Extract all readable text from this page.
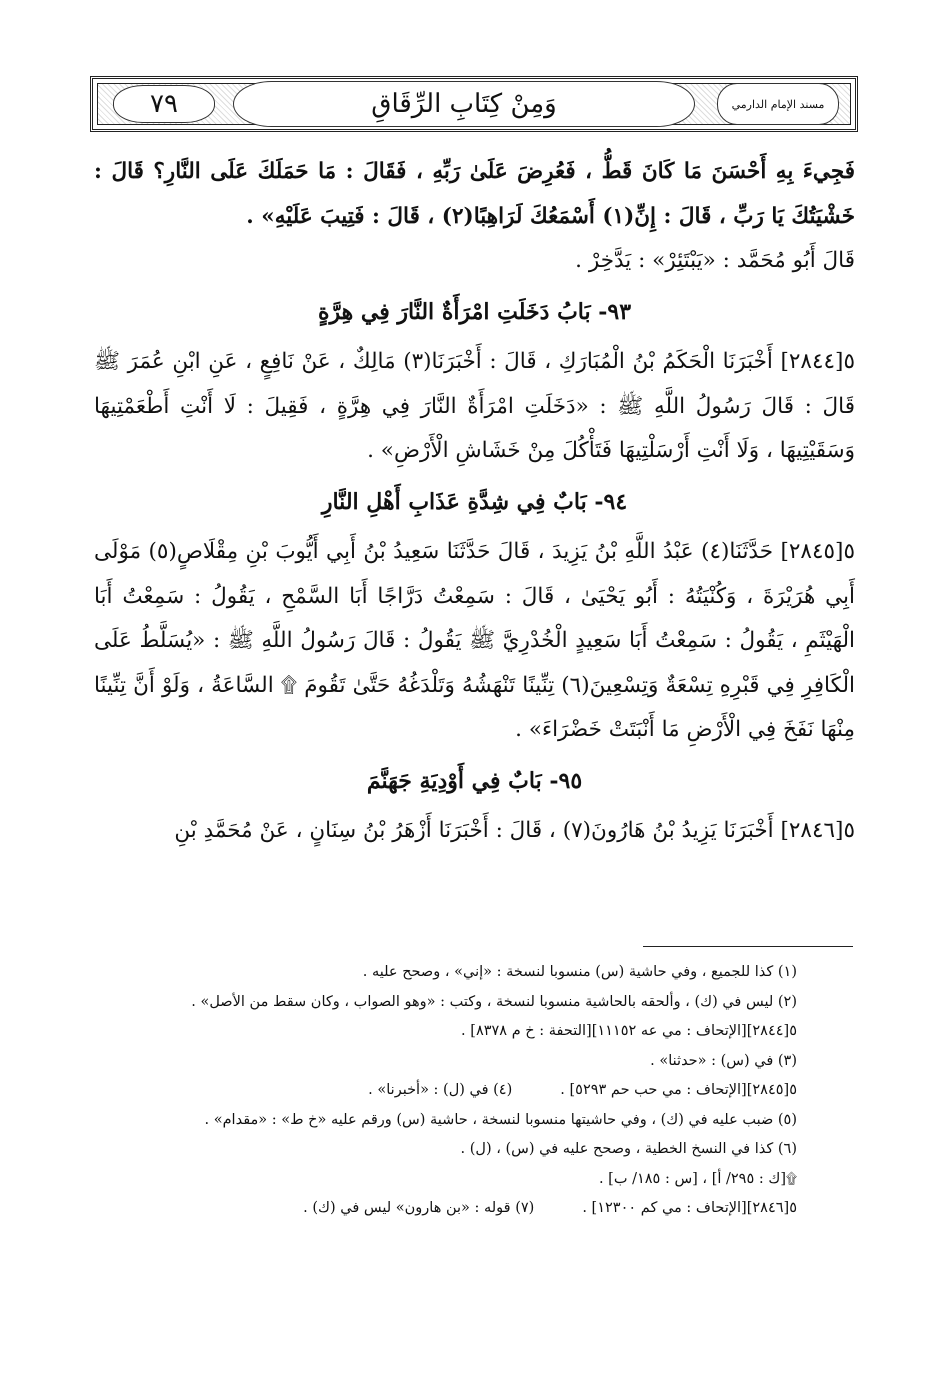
٧٩	وَمِنْ كِتَابِ الرِّقَاقِ	مسند الإمام الدارمي

فَجِيءَ بِهِ أَحْسَنَ مَا كَانَ قَطُّ ، فَعُرِضَ عَلَىٰ رَبِّهِ ، فَقَالَ : مَا حَمَلَكَ عَلَى النَّارِ؟ قَالَ : خَشْيَتُكَ يَا رَبِّ ، قَالَ : إِنِّ(١) أَسْمَعُكَ لَرَاهِبًا(٢) ، قَالَ : فَتِيبَ عَلَيْهِ» .

قَالَ أَبُو مُحَمَّد : «يَبْتَئِرْ» : يَدَّخِرْ .

٩٣- بَابُ دَخَلَتِ امْرَأَةٌ النَّارَ فِي هِرَّةٍ

٥[٢٨٤٤] أَخْبَرَنَا الْحَكَمُ بْنُ الْمُبَارَكِ ، قَالَ : أَخْبَرَنَا(٣) مَالِكٌ ، عَنْ نَافِعٍ ، عَنِ ابْنِ عُمَرَ ﷺ قَالَ : قَالَ رَسُولُ اللَّهِ ﷺ : «دَخَلَتِ امْرَأَةٌ النَّارَ فِي هِرَّةٍ ، فَقِيلَ : لَا أَنْتِ أَطْعَمْتِيهَا وَسَقَيْتِيهَا ، وَلَا أَنْتِ أَرْسَلْتِيهَا فَتَأْكُلَ مِنْ خَشَاشِ الْأَرْضِ» .

٩٤- بَابٌ فِي شِدَّةِ عَذَابِ أَهْلِ النَّارِ

٥[٢٨٤٥] حَدَّثَنَا(٤) عَبْدُ اللَّهِ بْنُ يَزِيدَ ، قَالَ حَدَّثَنَا سَعِيدُ بْنُ أَبِي أَيُّوبَ بْنِ مِقْلَاصٍ(٥) مَوْلَى أَبِي هُرَيْرَةَ ، وَكُنْيَتُهُ : أَبُو يَحْيَىٰ ، قَالَ : سَمِعْتُ دَرَّاجًا أَبَا السَّمْحِ ، يَقُولُ : سَمِعْتُ أَبَا الْهَيْثَمِ ، يَقُولُ : سَمِعْتُ أَبَا سَعِيدٍ الْخُدْرِيَّ ﷺ يَقُولُ : قَالَ رَسُولُ اللَّهِ ﷺ : «يُسَلَّطُ عَلَى الْكَافِرِ فِي قَبْرِهِ تِسْعَةٌ وَتِسْعِينَ(٦) تِنِّينًا تَنْهَشُهُ وَتَلْدَغُهُ حَتَّىٰ تَقُومَ ۩ السَّاعَةُ ، وَلَوْ أَنَّ تِنِّينًا مِنْهَا نَفَخَ فِي الْأَرْضِ مَا أَنْبَتَتْ خَضْرَاءَ» .

٩٥- بَابٌ فِي أَوْدِيَةِ جَهَنَّمَ

٥[٢٨٤٦] أَخْبَرَنَا يَزِيدُ بْنُ هَارُونَ(٧) ، قَالَ : أَخْبَرَنَا أَزْهَرُ بْنُ سِنَانٍ ، عَنْ مُحَمَّدِ بْنِ

(١) كذا للجميع ، وفي حاشية (س) منسوبا لنسخة : «إني» ، وصحح عليه .

(٢) ليس في (ك) ، وألحقه بالحاشية منسوبا لنسخة ، وكتب : «وهو الصواب ، وكان سقط من الأصل» .

٥[٢٨٤٤][الإتحاف : مي عه ١١١٥٢][التحفة : خ م ٨٣٧٨] .

(٣) في (س) : «حدثنا» .

٥[٢٨٤٥][الإتحاف : مي حب حم ٥٢٩٣] .
(٤) في (ل) : «أخبرنا» .

(٥) ضبب عليه في (ك) ، وفي حاشيتها منسوبا لنسخة ، حاشية (س) ورقم عليه «خ ط» : «مقدام» .

(٦) كذا في النسخ الخطية ، وصحح عليه في (س) ، (ل) .

۩[ك : ٢٩٥/ أ] ، [س : ١٨٥/ ب] .

٥[٢٨٤٦][الإتحاف : مي كم ١٢٣٠٠] .
(٧) قوله : «بن هارون» ليس في (ك) .
